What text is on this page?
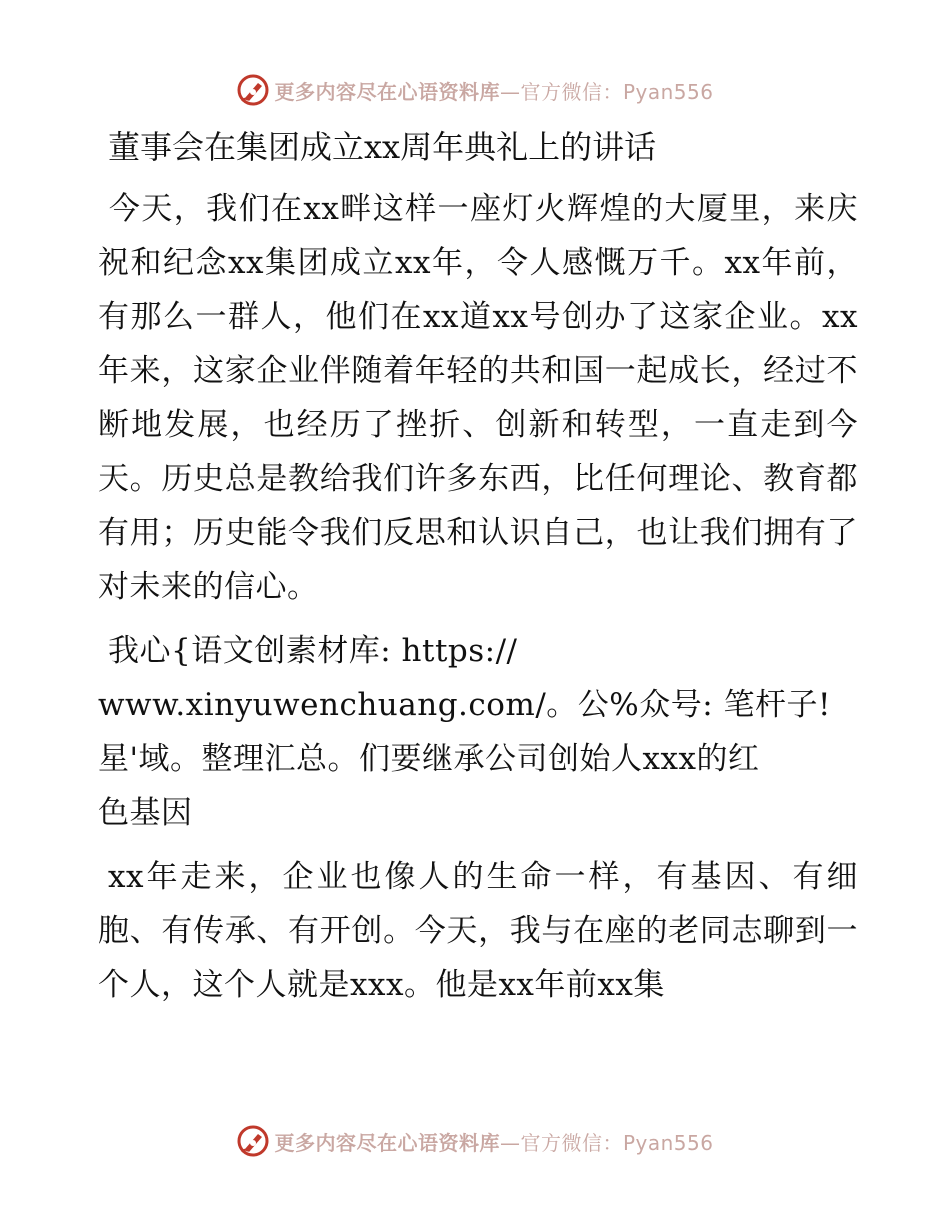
更多内容尽在心语资料库—官方微信：Pyan556
董事会在集团成立xx周年典礼上的讲话

今天，我们在xx畔这样一座灯火辉煌的大厦里，来庆祝和纪念xx集团成立xx年，令人感慨万千。xx年前，有那么一群人，他们在xx道xx号创办了这家企业。xx年来，这家企业伴随着年轻的共和国一起成长，经过不断地发展，也经历了挫折、创新和转型，一直走到今天。历史总是教给我们许多东西，比任何理论、教育都有用；历史能令我们反思和认识自己，也让我们拥有了对未来的信心。

我心{语文创素材库: https://
www.xinyuwenchuang.com/。公%众号: 笔杆子!
星'域。整理汇总。们要继承公司创始人xxx的红
色基因

xx年走来，企业也像人的生命一样，有基因、有细胞、有传承、有开创。今天，我与在座的老同志聊到一个人，这个人就是xxx。他是xx年前xx集

更多内容尽在心语资料库—官方微信：Pyan556
